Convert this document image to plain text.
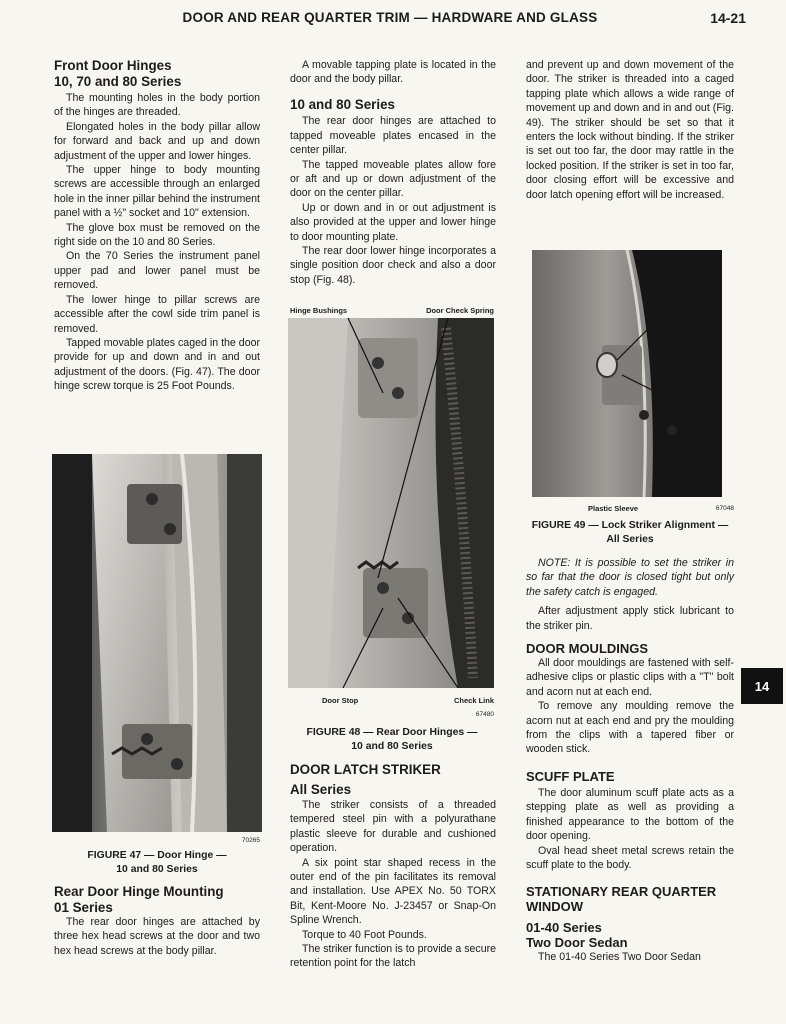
DOOR AND REAR QUARTER TRIM — HARDWARE AND GLASS	14-21
Front Door Hinges
10, 70 and 80 Series

The mounting holes in the body portion of the hinges are threaded.

Elongated holes in the body pillar allow for forward and back and up and down adjustment of the upper and lower hinges.

The upper hinge to body mounting screws are accessible through an enlarged hole in the inner pillar behind the instrument panel with a ½" socket and 10" extension.

The glove box must be removed on the right side on the 10 and 80 Series.

On the 70 Series the instrument panel upper pad and lower panel must be removed.

The lower hinge to pillar screws are accessible after the cowl side trim panel is removed.

Tapped movable plates caged in the door provide for up and down and in and out adjustment of the doors. (Fig. 47). The door hinge screw torque is 25 Foot Pounds.

70265
FIGURE 47 — Door Hinge —
10 and 80 Series
Rear Door Hinge Mounting
01 Series

The rear door hinges are attached by three hex head screws at the door and two hex head screws at the body pillar.

A movable tapping plate is located in the door and the body pillar.

10 and 80 Series

The rear door hinges are attached to tapped moveable plates encased in the center pillar.

The tapped moveable plates allow fore or aft and up or down adjustment of the door on the center pillar.

Up or down and in or out adjustment is also provided at the upper and lower hinge to door mounting plate.

The rear door lower hinge incorporates a single position door check and also a door stop (Fig. 48).

Hinge Bushings	Door Check Spring
Door Stop	Check Link
67480
FIGURE 48 — Rear Door Hinges —
10 and 80 Series
DOOR LATCH STRIKER
All Series

The striker consists of a threaded tempered steel pin with a polyurathane plastic sleeve for durable and cushioned operation.

A six point star shaped recess in the outer end of the pin facilitates its removal and installation. Use APEX No. 50 TORX Bit, Kent-Moore No. J-23457 or Snap-On Spline Wrench.

Torque to 40 Foot Pounds.

The striker function is to provide a secure retention point for the latch

and prevent up and down movement of the door. The striker is threaded into a caged tapping plate which allows a wide range of movement up and down and in and out (Fig. 49). The striker should be set so that it enters the lock without binding. If the striker is set out too far, the door may rattle in the locked position. If the striker is set in too far, door closing effort will be excessive and door latch opening effort will be increased.

Plastic Sleeve	67048
FIGURE 49 — Lock Striker Alignment —
All Series

NOTE: It is possible to set the striker in so far that the door is closed tight but only the safety catch is engaged.

After adjustment apply stick lubricant to the striker pin.

DOOR MOULDINGS

All door mouldings are fastened with self-adhesive clips or plastic clips with a "T" bolt and acorn nut at each end.

To remove any moulding remove the acorn nut at each end and pry the moulding from the clips with a tapered fiber or wooden stick.

SCUFF PLATE

The door aluminum scuff plate acts as a stepping plate as well as providing a finished appearance to the bottom of the door opening.

Oval head sheet metal screws retain the scuff plate to the body.

STATIONARY REAR QUARTER
WINDOW
01-40 Series
Two Door Sedan

The 01-40 Series Two Door Sedan

14
